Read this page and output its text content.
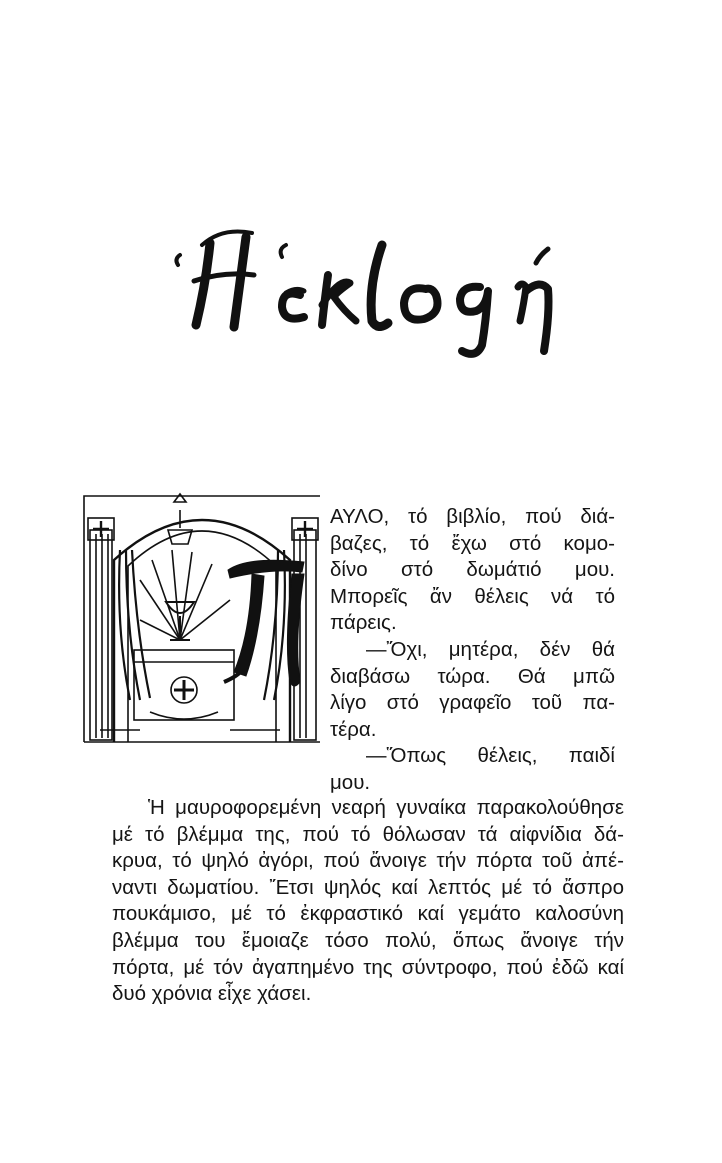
Π	ΑΥΛΟ, τό βιβλίο, πού διά-
βαζες, τό ἔχω στό κομο-
δίνο στό δωμάτιό μου.
Μπορεῖς ἄν θέλεις νά τό
πάρεις.
—Ὄχι, μητέρα, δέν θά
διαβάσω τώρα. Θά μπῶ
λίγο στό γραφεῖο τοῦ πα-
τέρα.
—Ὅπως θέλεις, παιδί
μου.
Ἡ μαυροφορεμένη νεαρή γυναίκα παρακολούθησε
μέ τό βλέμμα της, πού τό θόλωσαν τά αἰφνίδια δά-
κρυα, τό ψηλό ἀγόρι, πού ἄνοιγε τήν πόρτα τοῦ ἀπέ-
ναντι δωματίου. Ἔτσι ψηλός καί λεπτός μέ τό ἄσπρο
πουκάμισο, μέ τό ἐκφραστικό καί γεμάτο καλοσύνη
βλέμμα του ἔμοιαζε τόσο πολύ, ὅπως ἄνοιγε τήν
πόρτα, μέ τόν ἀγαπημένο της σύντροφο, πού ἐδῶ καί
δυό χρόνια εἶχε χάσει.
